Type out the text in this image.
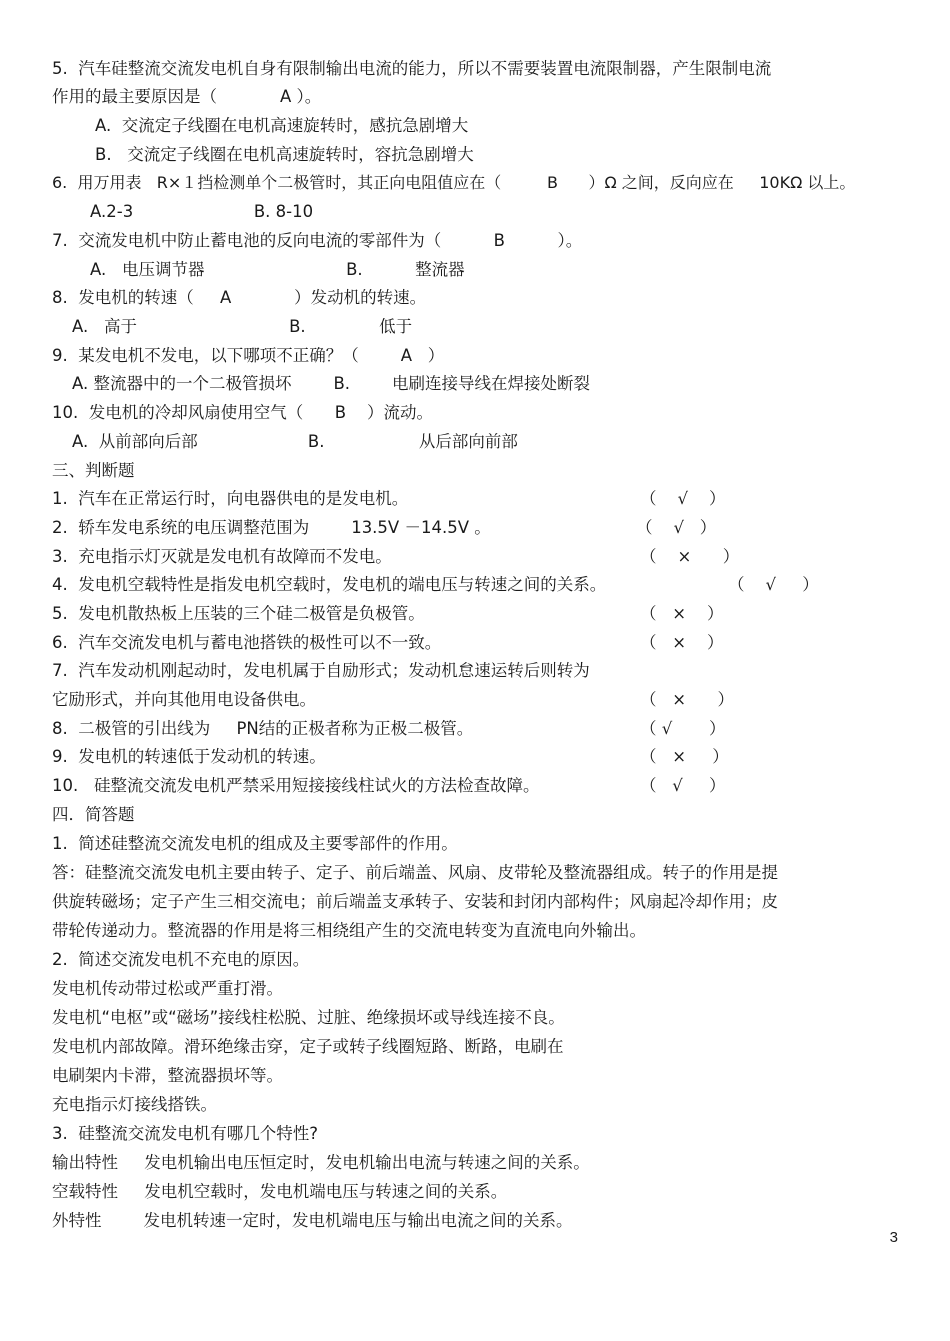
5.  汽车硅整流交流发电机自身有限制输出电流的能力，所以不需要装置电流限制器，产生限制电流
作用的最主要原因是（            A ）。
A.  交流定子线圈在电机高速旋转时，感抗急剧增大
B.   交流定子线圈在电机高速旋转时，容抗急剧增大
6.  用万用表   R×１挡检测单个二极管时，其正向电阻值应在（         B      ）Ω 之间，反向应在     10KΩ 以上。
A.2-3                       B. 8-10
7.  交流发电机中防止蓄电池的反向电流的零部件为（          B          ）。
A.   电压调节器                           B.          整流器
8.  发电机的转速（     A            ）发动机的转速。
A.   高于                             B.              低于
9.  某发电机不发电，以下哪项不正确？（        A   ）
A. 整流器中的一个二极管损坏        B.        电刷连接导线在焊接处断裂
10.  发电机的冷却风扇使用空气（      B    ）流动。
A.  从前部向后部                     B.                  从后部向前部
三、判断题
1.  汽车在正常运行时，向电器供电的是发电机。
2.  轿车发电系统的电压调整范围为        13.5V －14.5V 。
3.  充电指示灯灭就是发电机有故障而不发电。
4.  发电机空载特性是指发电机空载时，发电机的端电压与转速之间的关系。
5.  发电机散热板上压装的三个硅二极管是负极管。
6.  汽车交流发电机与蓄电池搭铁的极性可以不一致。
7.  汽车发动机刚起动时，发电机属于自励形式；发动机怠速运转后则转为
它励形式，并向其他用电设备供电。
8.  二极管的引出线为     PN结的正极者称为正极二极管。
9.  发电机的转速低于发动机的转速。
10.   硅整流交流发电机严禁采用短接接线柱试火的方法检查故障。
（    √    ）
（    √   ）
（    ×      ）
（    √     ）
（   ×    ）
（   ×    ）
（   ×      ）
（ √       ）
（   ×     ）
（   √     ）
四．简答题
1.  简述硅整流交流发电机的组成及主要零部件的作用。
答：硅整流交流发电机主要由转子、定子、前后端盖、风扇、皮带轮及整流器组成。转子的作用是提
供旋转磁场；定子产生三相交流电；前后端盖支承转子、安装和封闭内部构件；风扇起冷却作用；皮
带轮传递动力。整流器的作用是将三相绕组产生的交流电转变为直流电向外输出。
2.  简述交流发电机不充电的原因。
发电机传动带过松或严重打滑。
发电机“电枢”或“磁场”接线柱松脱、过脏、绝缘损坏或导线连接不良。
发电机内部故障。滑环绝缘击穿，定子或转子线圈短路、断路，电刷在
电刷架内卡滞，整流器损坏等。
充电指示灯接线搭铁。
3.  硅整流交流发电机有哪几个特性?
输出特性     发电机输出电压恒定时，发电机输出电流与转速之间的关系。
空载特性     发电机空载时，发电机端电压与转速之间的关系。
外特性        发电机转速一定时，发电机端电压与输出电流之间的关系。
3
